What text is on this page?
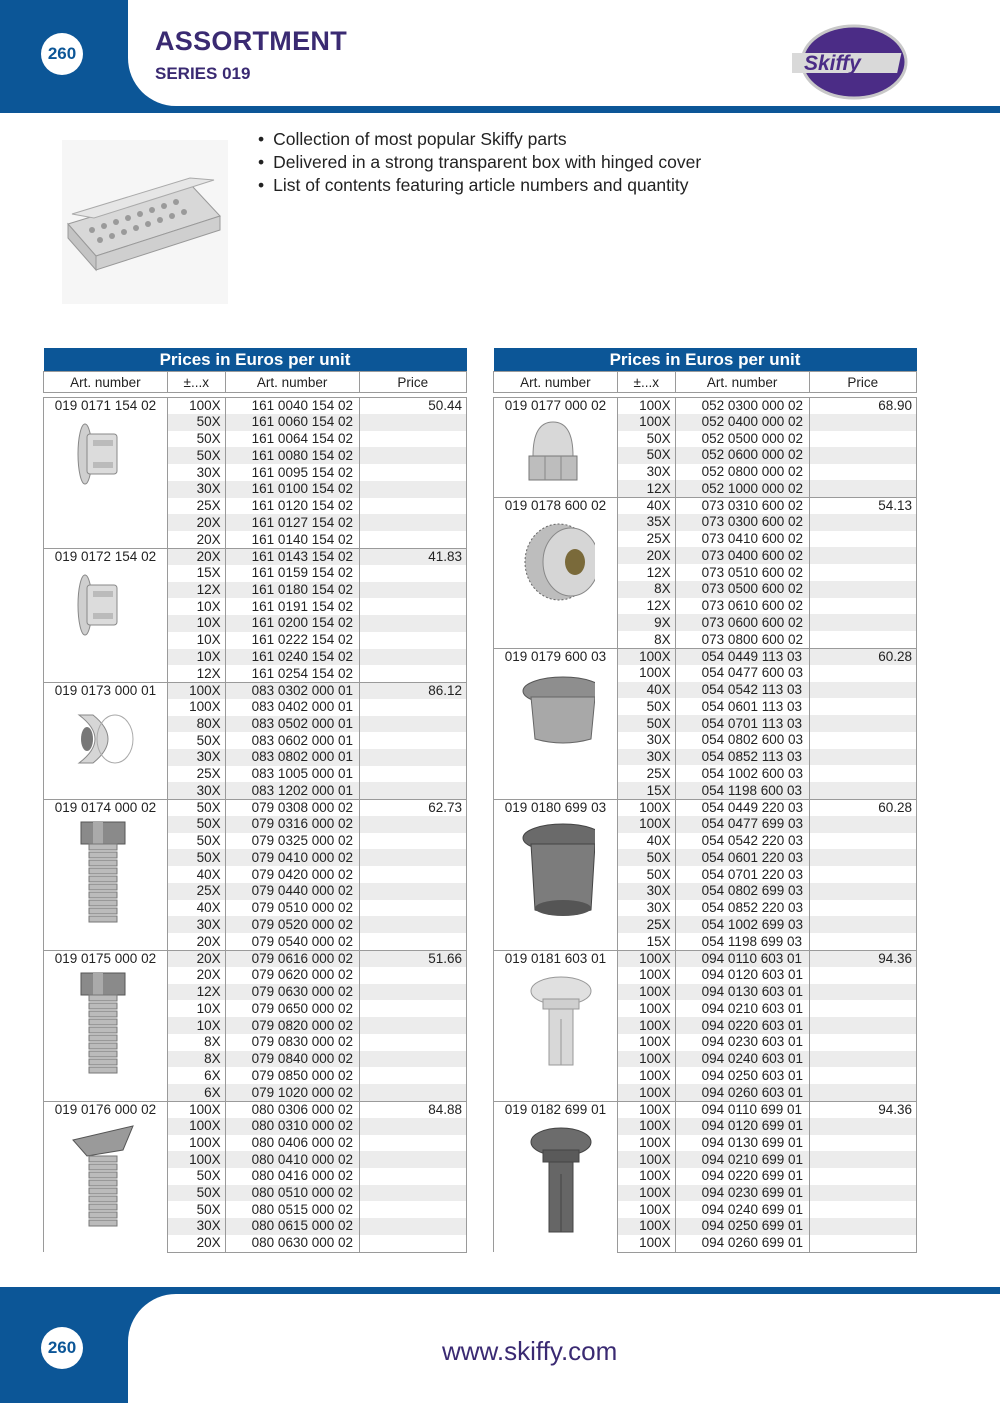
260	ASSORTMENT
SERIES 019	Skiffy
• Collection of most popular Skiffy parts
• Delivered in a strong transparent box with hinged cover
• List of contents featuring article numbers and quantity
Prices in Euros per unit			
Art. number	±...x	Art. number	Price

019 0171 154 02	100X	161 0040 154 02	50.44
	50X	161 0060 154 02	
	50X	161 0064 154 02	
	50X	161 0080 154 02	
	30X	161 0095 154 02	
	30X	161 0100 154 02	
	25X	161 0120 154 02	
	20X	161 0127 154 02	
	20X	161 0140 154 02	
019 0172 154 02	20X	161 0143 154 02	41.83
	15X	161 0159 154 02	
	12X	161 0180 154 02	
	10X	161 0191 154 02	
	10X	161 0200 154 02	
	10X	161 0222 154 02	
	10X	161 0240 154 02	
	12X	161 0254 154 02	
019 0173 000 01	100X	083 0302 000 01	86.12
	100X	083 0402 000 01	
	80X	083 0502 000 01	
	50X	083 0602 000 01	
	30X	083 0802 000 01	
	25X	083 1005 000 01	
	30X	083 1202 000 01	
019 0174 000 02	50X	079 0308 000 02	62.73
	50X	079 0316 000 02	
	50X	079 0325 000 02	
	50X	079 0410 000 02	
	40X	079 0420 000 02	
	25X	079 0440 000 02	
	40X	079 0510 000 02	
	30X	079 0520 000 02	
	20X	079 0540 000 02	
019 0175 000 02	20X	079 0616 000 02	51.66
	20X	079 0620 000 02	
	12X	079 0630 000 02	
	10X	079 0650 000 02	
	10X	079 0820 000 02	
	8X	079 0830 000 02	
	8X	079 0840 000 02	
	6X	079 0850 000 02	
	6X	079 1020 000 02	
019 0176 000 02	100X	080 0306 000 02	84.88
	100X	080 0310 000 02	
	100X	080 0406 000 02	
	100X	080 0410 000 02	
	50X	080 0416 000 02	
	50X	080 0510 000 02	
	50X	080 0515 000 02	
	30X	080 0615 000 02	
	20X	080 0630 000 02	
Prices in Euros per unit			
Art. number	±...x	Art. number	Price

019 0177 000 02	100X	052 0300 000 02	68.90
	100X	052 0400 000 02	
	50X	052 0500 000 02	
	50X	052 0600 000 02	
	30X	052 0800 000 02	
	12X	052 1000 000 02	
019 0178 600 02	40X	073 0310 600 02	54.13
	35X	073 0300 600 02	
	25X	073 0410 600 02	
	20X	073 0400 600 02	
	12X	073 0510 600 02	
	8X	073 0500 600 02	
	12X	073 0610 600 02	
	9X	073 0600 600 02	
	8X	073 0800 600 02	
019 0179 600 03	100X	054 0449 113 03	60.28
	100X	054 0477 600 03	
	40X	054 0542 113 03	
	50X	054 0601 113 03	
	50X	054 0701 113 03	
	30X	054 0802 600 03	
	30X	054 0852 113 03	
	25X	054 1002 600 03	
	15X	054 1198 600 03	
019 0180 699 03	100X	054 0449 220 03	60.28
	100X	054 0477 699 03	
	40X	054 0542 220 03	
	50X	054 0601 220 03	
	50X	054 0701 220 03	
	30X	054 0802 699 03	
	30X	054 0852 220 03	
	25X	054 1002 699 03	
	15X	054 1198 699 03	
019 0181 603 01	100X	094 0110 603 01	94.36
	100X	094 0120 603 01	
	100X	094 0130 603 01	
	100X	094 0210 603 01	
	100X	094 0220 603 01	
	100X	094 0230 603 01	
	100X	094 0240 603 01	
	100X	094 0250 603 01	
	100X	094 0260 603 01	
019 0182 699 01	100X	094 0110 699 01	94.36
	100X	094 0120 699 01	
	100X	094 0130 699 01	
	100X	094 0210 699 01	
	100X	094 0220 699 01	
	100X	094 0230 699 01	
	100X	094 0240 699 01	
	100X	094 0250 699 01	
	100X	094 0260 699 01	
260	www.skiffy.com
